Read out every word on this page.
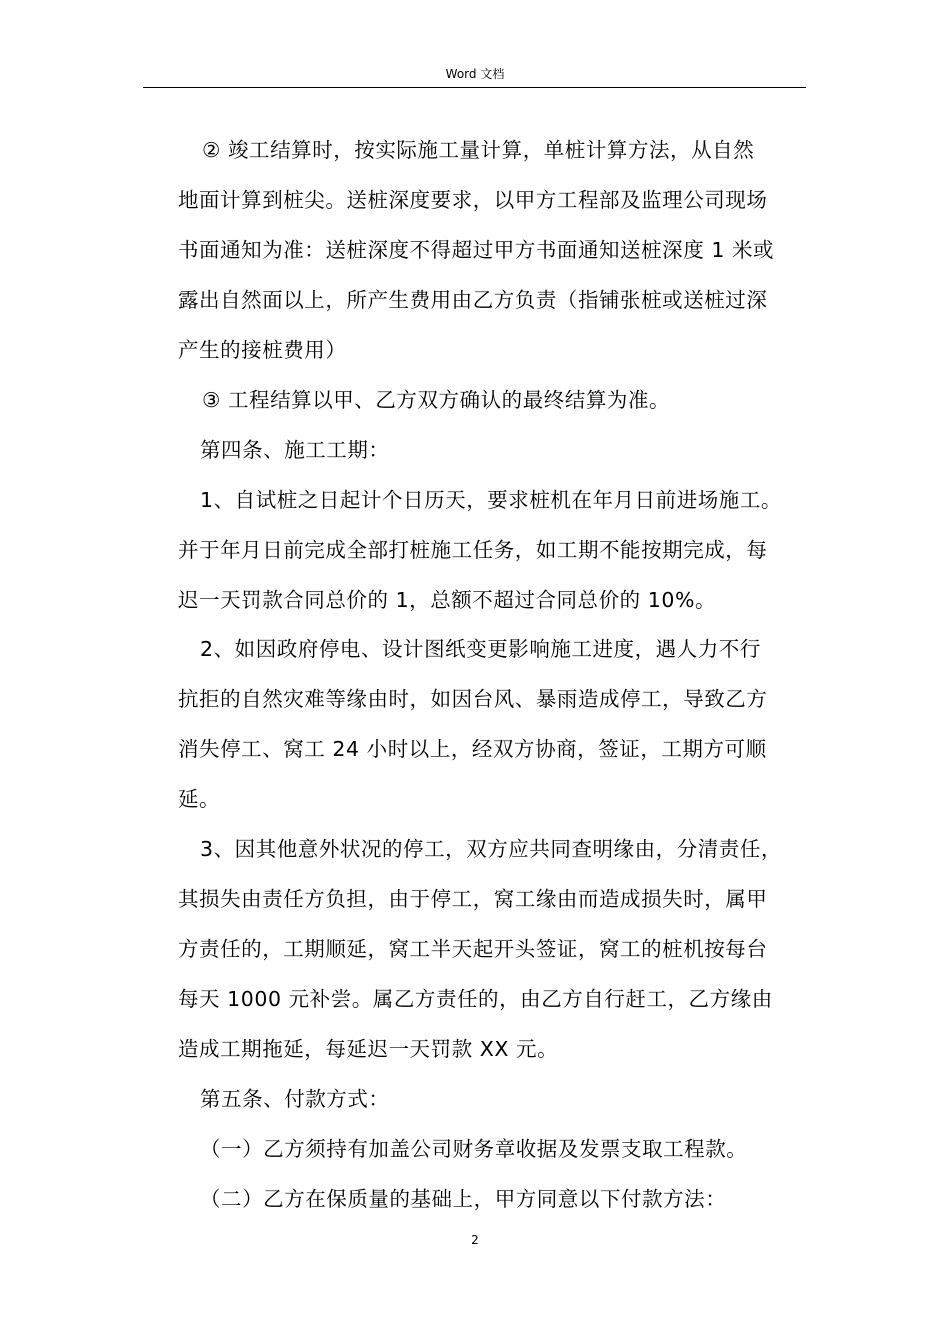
Word 文档
② 竣工结算时，按实际施工量计算，单桩计算方法，从自然
地面计算到桩尖。送桩深度要求，以甲方工程部及监理公司现场
书面通知为准：送桩深度不得超过甲方书面通知送桩深度 1 米或
露出自然面以上，所产生费用由乙方负责（指铺张桩或送桩过深
产生的接桩费用）
③ 工程结算以甲、乙方双方确认的最终结算为准。
第四条、施工工期：
1、自试桩之日起计个日历天，要求桩机在年月日前进场施工。
并于年月日前完成全部打桩施工任务，如工期不能按期完成，每
迟一天罚款合同总价的 1，总额不超过合同总价的 10%。
2、如因政府停电、设计图纸变更影响施工进度，遇人力不行
抗拒的自然灾难等缘由时，如因台风、暴雨造成停工，导致乙方
消失停工、窝工 24 小时以上，经双方协商，签证，工期方可顺
延。
3、因其他意外状况的停工，双方应共同查明缘由，分清责任，
其损失由责任方负担，由于停工，窝工缘由而造成损失时，属甲
方责任的，工期顺延，窝工半天起开头签证，窝工的桩机按每台
每天 1000 元补尝。属乙方责任的，由乙方自行赶工，乙方缘由
造成工期拖延，每延迟一天罚款 XX 元。
第五条、付款方式：
（一）乙方须持有加盖公司财务章收据及发票支取工程款。
（二）乙方在保质量的基础上，甲方同意以下付款方法：
2
